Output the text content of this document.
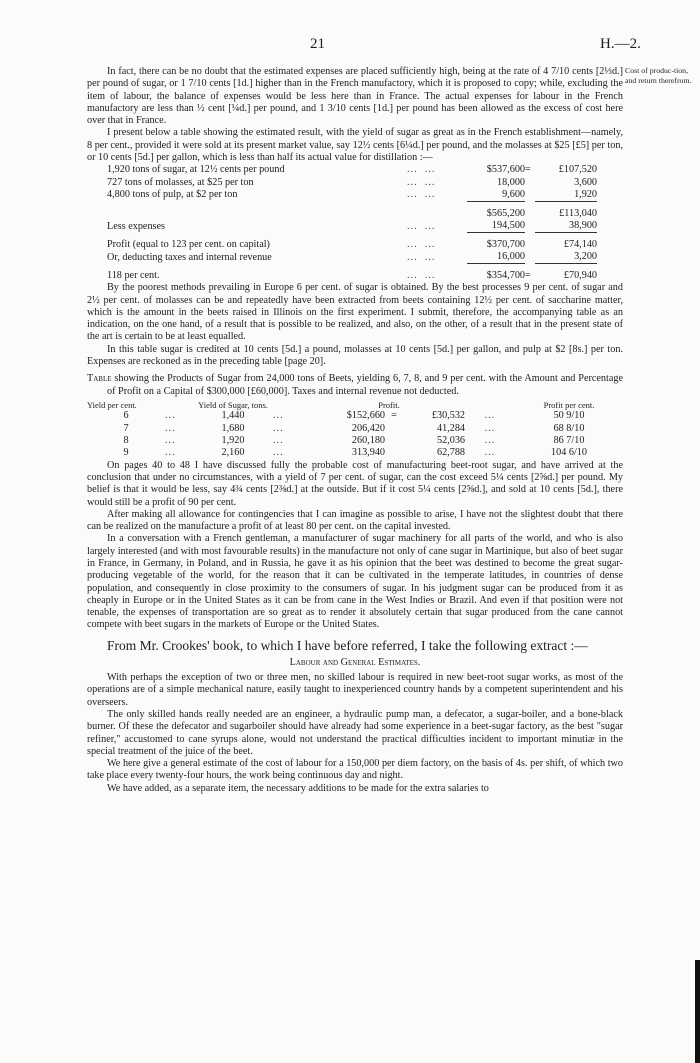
21	H.—2.
Cost of produc-tion, and return therefrom.

In fact, there can be no doubt that the estimated expenses are placed sufficiently high, being at the rate of 4 7/10 cents [2⅓d.] per pound of sugar, or 1 7/10 cents [1d.] higher than in the French manufactory, which it is proposed to copy; while, excluding the item of labour, the balance of expenses would be less here than in France. The actual expenses for labour in the French manufactory are less than ½ cent [¼d.] per pound, and 1 3/10 cents [1d.] per pound has been allowed as the excess of cost here over that in France.

I present below a table showing the estimated result, with the yield of sugar as great as in the French establishment—namely, 8 per cent., provided it were sold at its present market value, say 12½ cents [6¼d.] per pound, and the molasses at $25 [£5] per ton, or 10 cents [5d.] per gallon, which is less than half its actual value for distillation :—

1,920 tons of sugar, at 12½ cents per pound	...  ...	$537,600	=	£107,520
727 tons of molasses, at $25 per ton	...  ...	18,000		3,600
4,800 tons of pulp, at $2 per ton	...  ...	9,600		1,920

		$565,200		£113,040
Less expenses	...  ...	194,500		38,900

Profit (equal to 123 per cent. on capital)	...  ...	$370,700		£74,140
Or, deducting taxes and internal revenue	...  ...	16,000		3,200

118 per cent.	...  ...	$354,700	=	£70,940

By the poorest methods prevailing in Europe 6 per cent. of sugar is obtained. By the best processes 9 per cent. of sugar and 2½ per cent. of molasses can be and repeatedly have been extracted from beets containing 12½ per cent. of saccharine matter, which is the amount in the beets raised in Illinois on the first experiment. I submit, therefore, the accompanying table as an indication, on the one hand, of a result that is possible to be realized, and also, on the other, of a result that in the present state of the art is certain to be at least equalled.

In this table sugar is credited at 10 cents [5d.] a pound, molasses at 10 cents [5d.] per gallon, and pulp at $2 [8s.] per ton. Expenses are reckoned as in the preceding table [page 20].

Table showing the Products of Sugar from 24,000 tons of Beets, yielding 6, 7, 8, and 9 per cent. with the Amount and Percentage of Profit on a Capital of $300,000 [£60,000]. Taxes and internal revenue not deducted.

Yield per cent.		Yield of Sugar, tons.		Profit.				Profit per cent.
6	...	1,440	...	$152,660	=	£30,532	...	50 9/10
7	...	1,680	...	206,420		41,284	...	68 8/10
8	...	1,920	...	260,180		52,036	...	86 7/10
9	...	2,160	...	313,940		62,788	...	104 6/10

On pages 40 to 48 I have discussed fully the probable cost of manufacturing beet-root sugar, and have arrived at the conclusion that under no circumstances, with a yield of 7 per cent. of sugar, can the cost exceed 5¼ cents [2⅝d.] per pound. My belief is that it would be less, say 4¾ cents [2⅜d.] at the outside. But if it cost 5¼ cents [2⅝d.], and sold at 10 cents [5d.], there would still be a profit of 90 per cent.

After making all allowance for contingencies that I can imagine as possible to arise, I have not the slightest doubt that there can be realized on the manufacture a profit of at least 80 per cent. on the capital invested.

In a conversation with a French gentleman, a manufacturer of sugar machinery for all parts of the world, and who is also largely interested (and with most favourable results) in the manufacture not only of cane sugar in Martinique, but also of beet sugar in France, in Germany, in Poland, and in Russia, he gave it as his opinion that the beet was destined to become the great sugar-producing vegetable of the world, for the reason that it can be cultivated in the temperate latitudes, in countries of dense population, and consequently in close proximity to the consumers of sugar. In his judgment sugar can be produced from it as cheaply in Europe or in the United States as it can be from cane in the West Indies or Brazil. And even if that position were not tenable, the expenses of transportation are so great as to render it absolutely certain that sugar produced from the cane cannot compete with beet sugars in the markets of Europe or the United States.

From Mr. Crookes' book, to which I have before referred, I take the following extract :—

Labour and General Estimates.

With perhaps the exception of two or three men, no skilled labour is required in new beet-root sugar works, as most of the operations are of a simple mechanical nature, easily taught to inexperienced country hands by a competent superintendent and his overseers.

The only skilled hands really needed are an engineer, a hydraulic pump man, a defecator, a sugar-boiler, and a bone-black burner. Of these the defecator and sugarboiler should have already had some experience in a beet-sugar factory, as the best "sugar refiner," accustomed to cane syrups alone, would not understand the practical difficulties incident to important minutiæ in the special treatment of the juice of the beet.

We here give a general estimate of the cost of labour for a 150,000 per diem factory, on the basis of 4s. per shift, of which two take place every twenty-four hours, the work being continuous day and night.

We have added, as a separate item, the necessary additions to be made for the extra salaries to
